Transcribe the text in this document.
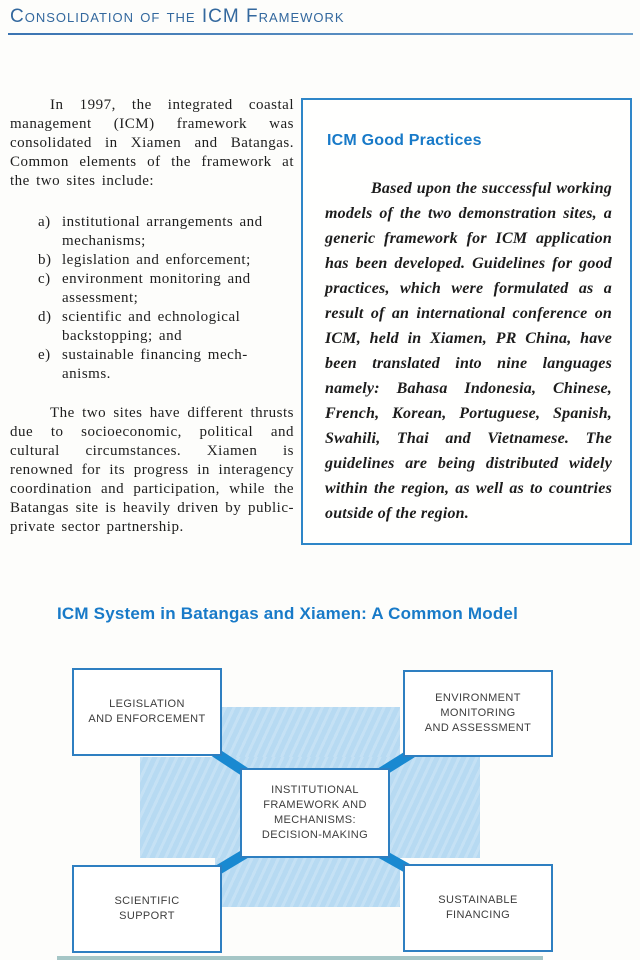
Consolidation of the ICM Framework

In 1997, the integrated coastal management (ICM) framework was consolidated in Xiamen and Batangas. Common elements of the framework at the two sites include:

a) institutional arrangements and mechanisms;
b) legislation and enforcement;
c) environment monitoring and assessment;
d) scientific and echnological backstopping; and
e) sustainable financing mech-anisms.

The two sites have different thrusts due to socioeconomic, political and cultural circumstances. Xiamen is renowned for its progress in interagency coordination and participation, while the Batangas site is heavily driven by public-private sector partnership.

ICM Good Practices

Based upon the successful working models of the two demonstration sites, a generic framework for ICM application has been developed. Guidelines for good practices, which were formulated as a result of an international conference on ICM, held in Xiamen, PR China, have been translated into nine languages namely: Bahasa Indonesia, Chinese, French, Korean, Portuguese, Spanish, Swahili, Thai and Vietnamese. The guidelines are being distributed widely within the region, as well as to countries outside of the region.

ICM System in Batangas and Xiamen: A Common Model
LEGISLATION
AND ENFORCEMENT
ENVIRONMENT
MONITORING
AND ASSESSMENT
INSTITUTIONAL
FRAMEWORK AND
MECHANISMS:
DECISION-MAKING
SCIENTIFIC
SUPPORT
SUSTAINABLE
FINANCING
